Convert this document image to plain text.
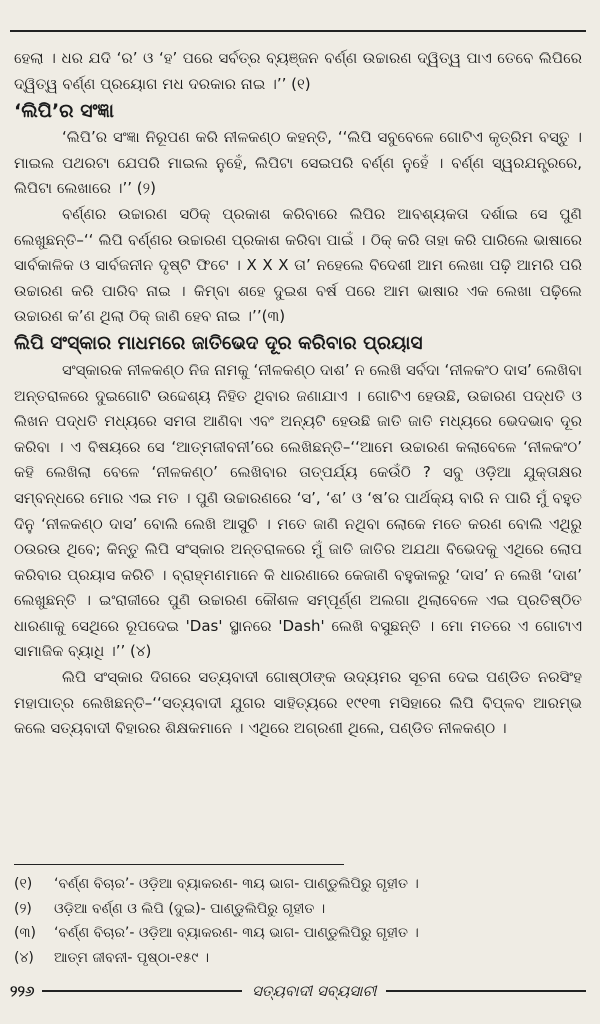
ହେଲା । ଧର ଯଦି ‘ର’ ଓ ‘ହ’ ପରେ ସର୍ବତ୍ର ବ୍ୟଞ୍ଜନ ବର୍ଣ୍ଣ ଉଚ୍ଚାରଣ ଦ୍ୱିତ୍ୱ ପାଏ ତେବେ ଲିପିରେ ଦ୍ୱିତ୍ୱ ବର୍ଣ୍ଣ ପ୍ରୟୋଗ ମଧ ଦରକାର ନାଇ ।’’ (୧)

‘ଲିପି’ର ସଂଜ୍ଞା

‘ଲିପି’ର ସଂଜ୍ଞା ନିରୂପଣ କରି ନୀଳକଣ୍ଠ କହନ୍ତି, ‘‘ଲିପି ସବୁବେଳେ ଗୋଟିଏ କୃତ୍ରିମ ବସ୍ତୁ । ମାଇଲ ପଥରଟା ଯେପରି ମାଇଲ ନୁହେଁ, ଲିପିଟା ସେଇପରି ବର୍ଣ୍ଣ ନୁହେଁ । ବର୍ଣ୍ଣ ସ୍ୱରଯନ୍ତ୍ରରେ, ଲିପିଟା ଲେଖାରେ ।’’ (୨)

ବର୍ଣ୍ଣର ଉଚ୍ଚାରଣ ସଠିକ୍ ପ୍ରକାଶ କରିବାରେ ଲିପିର ଆବଶ୍ୟକତା ଦର୍ଶାଇ ସେ ପୁଣି ଲେଖୁଛନ୍ତି–‘‘ ଲିପି ବର୍ଣ୍ଣର ଉଚ୍ଚାରଣ ପ୍ରକାଶ କରିବା ପାଇଁ । ଠିକ୍ କରି ତାହା କରି ପାରିଲେ ଭାଷାରେ ସାର୍ବକାଳିକ ଓ ସାର୍ବଜନୀନ ଦୃଷ୍ଟି ଫିଟେ । X X X ତା’ ନହେଲେ ବିଦେଶୀ ଆମ ଲେଖା ପଢ଼ି ଆମରି ପରି ଉଚ୍ଚାରଣ କରି ପାରିବ ନାଇ । କିମ୍ବା ଶହେ ଦୁଇଶ ବର୍ଷ ପରେ ଆମ ଭାଷାର ଏକ ଲେଖା ପଢ଼ିଲେ ଉଚ୍ଚାରଣ କ’ଣ ଥିଲା ଠିକ୍ ଜାଣି ହେବ ନାଇ ।’’(୩)

ଲିପି ସଂସ୍କାର ମାଧମରେ ଜାତିଭେଦ ଦୂର କରିବାର ପ୍ରୟାସ

ସଂସ୍କାରକ ନୀଳକଣ୍ଠ ନିଜ ନାମକୁ ‘ନୀଳକଣ୍ଠ ଦାଶ’ ନ ଲେଖି ସର୍ବଦା ‘ନୀଳକଂଠ ଦାସ’ ଲେଖିବା ଅନ୍ତରାଳରେ ଦୁଇଗୋଟି ଉଦ୍ଦେଶ୍ୟ ନିହିତ ଥିବାର ଜଣାଯାଏ । ଗୋଟିଏ ହେଉଛି, ଉଚ୍ଚାରଣ ପଦ୍ଧତି ଓ ଲିଖନ ପଦ୍ଧତି ମଧ୍ୟରେ ସମତା ଆଣିବା ଏବଂ ଅନ୍ୟଟି ହେଉଛି ଜାତି ଜାତି ମଧ୍ୟରେ ଭେଦଭାବ ଦୂର କରିବା । ଏ ବିଷୟରେ ସେ ‘ଆତ୍ମଜୀବନୀ’ରେ ଲେଖିଛନ୍ତି–‘‘ଆମେ ଉଚ୍ଚାରଣ କଲାବେଳେ ‘ନୀଳକଂଠ’ କହି ଲେଖିଲା ବେଳେ ‘ନୀଳକଣ୍ଠ’ ଲେଖିବାର ତାତ୍ପର୍ଯ୍ୟ କେଉଁଠି ? ସବୁ ଓଡ଼ିଆ ଯୁକ୍ତାକ୍ଷର ସମ୍ବନ୍ଧରେ ମୋର ଏଇ ମତ । ପୁଣି ଉଚ୍ଚାରଣରେ ‘ସ’, ‘ଶ’ ଓ ‘ଷ’ର ପାର୍ଥକ୍ୟ ବାରି ନ ପାରି ମୁଁ ବହୁତ ଦିନୁ ‘ନୀଳକଣ୍ଠ ଦାସ’ ବୋଲି ଲେଖି ଆସୁଚି । ମତେ ଜାଣି ନଥିବା ଲୋକେ ମତେ କରଣ ବୋଲି ଏଥିରୁ ଠଉରଉ ଥିବେ; କିନ୍ତୁ ଲିପି ସଂସ୍କାର ଅନ୍ତରାଳରେ ମୁଁ ଜାତି ଜାତିର ଅଯଥା ବିଭେଦକୁ ଏଥିରେ ଲୋପ କରିବାର ପ୍ରୟାସ କରିଚି । ବ୍ରାହ୍ମଣମାନେ କି ଧାରଣାରେ କେଜାଣି ବହୁକାଳରୁ ‘ଦାସ’ ନ ଲେଖି ‘ଦାଶ’ ଲେଖୁଛନ୍ତି । ଇଂରାଜୀରେ ପୁଣି ଉଚ୍ଚାରଣ କୌଶଳ ସମ୍ପୂର୍ଣ୍ଣ ଅଲଗା ଥିଲାବେଳେ ଏଇ ପ୍ରତିଷ୍ଠିତ ଧାରଣାକୁ ସେଥିରେ ରୂପଦେଇ 'Das' ସ୍ଥାନରେ 'Dash' ଲେଖି ବସୁଛନ୍ତି । ମୋ ମତରେ ଏ ଗୋଟାଏ ସାମାଜିକ ବ୍ୟାଧି ।’’ (୪)

ଲିପି ସଂସ୍କାର ଦିଗରେ ସତ୍ୟବାଦୀ ଗୋଷ୍ଠୀଙ୍କ ଉଦ୍ୟମର ସୂଚନା ଦେଇ ପଣ୍ଡିତ ନରସିଂହ ମହାପାତ୍ର ଲେଖିଛନ୍ତି–‘‘ସତ୍ୟବାଦୀ ଯୁଗର ସାହିତ୍ୟରେ ୧୯୧୩ ମସିହାରେ ଲିପି ବିପ୍ଳବ ଆରମ୍ଭ କଲେ ସତ୍ୟବାଦୀ ବିହାରର ଶିକ୍ଷକମାନେ । ଏଥିରେ ଅଗ୍ରଣୀ ଥିଲେ, ପଣ୍ଡିତ ନୀଳକଣ୍ଠ ।

(୧)	‘ବର୍ଣ୍ଣ ବିଚାର’- ଓଡ଼ିଆ ବ୍ୟାକରଣ- ୩ୟ ଭାଗ- ପାଣ୍ଡୁଲିପିରୁ ଗୃହୀତ ।
(୨)	ଓଡ଼ିଆ ବର୍ଣ୍ଣ ଓ ଲିପି (ଦୁଇ)- ପାଣ୍ଡୁଲିପିରୁ ଗୃହୀତ ।
(୩)	‘ବର୍ଣ୍ଣ ବିଚାର’- ଓଡ଼ିଆ ବ୍ୟାକରଣ- ୩ୟ ଭାଗ- ପାଣ୍ଡୁଲିପିରୁ ଗୃହୀତ ।
(୪)	ଆତ୍ମ ଜୀବନୀ- ପୃଷ୍ଠା-୧୫୯ ।
୨୨୬	ସତ୍ୟବାଦୀ ସବ୍ୟସାଚୀ
